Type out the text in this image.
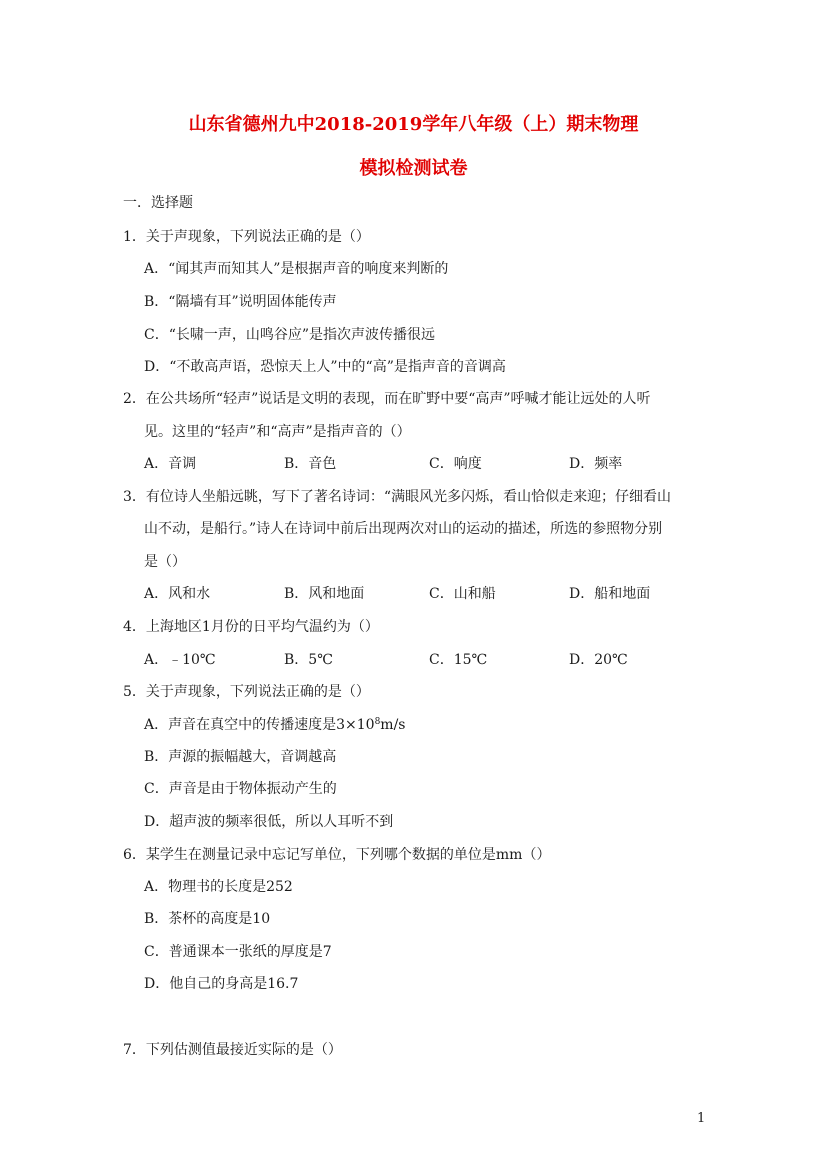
山东省德州九中2018-2019学年八年级（上）期末物理
模拟检测试卷
一．选择题
1．关于声现象，下列说法正确的是（）
A．“闻其声而知其人”是根据声音的响度来判断的
B．“隔墙有耳”说明固体能传声
C．“长啸一声，山鸣谷应”是指次声波传播很远
D．“不敢高声语，恐惊天上人”中的“高”是指声音的音调高
2．在公共场所“轻声”说话是文明的表现，而在旷野中要“高声”呼喊才能让远处的人听
见。这里的“轻声”和“高声”是指声音的（）
A．音调	B．音色	C．响度	D．频率
3．有位诗人坐船远眺，写下了著名诗词：“满眼风光多闪烁，看山恰似走来迎；仔细看山
山不动，是船行。”诗人在诗词中前后出现两次对山的运动的描述，所选的参照物分别
是（）
A．风和水	B．风和地面	C．山和船	D．船和地面
4．上海地区1月份的日平均气温约为（）
A．﹣10℃	B．5℃	C．15℃	D．20℃
5．关于声现象，下列说法正确的是（）
A．声音在真空中的传播速度是$3\times 10^8m/s$
B．声源的振幅越大，音调越高
C．声音是由于物体振动产生的
D．超声波的频率很低，所以人耳听不到
6．某学生在测量记录中忘记写单位，下列哪个数据的单位是mm（）
A．物理书的长度是252
B．茶杯的高度是10
C．普通课本一张纸的厚度是7
D．他自己的身高是16.7
7．下列估测值最接近实际的是（）
1
